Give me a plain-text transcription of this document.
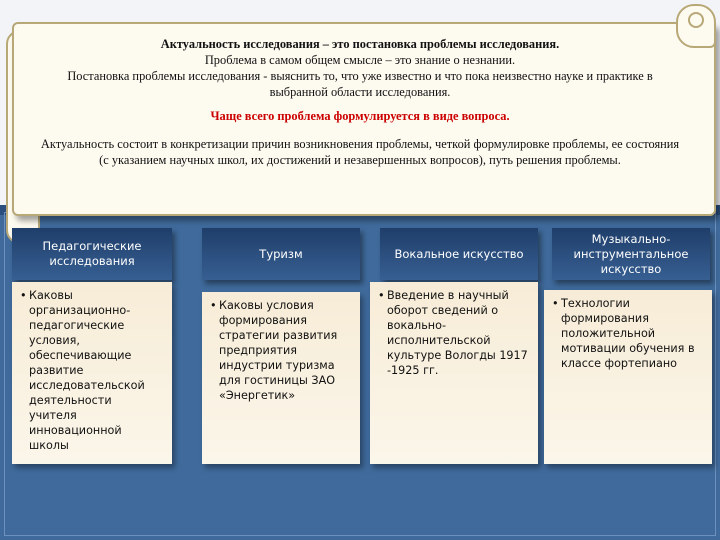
Актуальность исследования – это постановка проблемы исследования.

Проблема в самом общем смысле – это знание о незнании.

Постановка проблемы исследования - выяснить то, что уже известно и что пока неизвестно науке и практике в выбранной области исследования.

Чаще всего проблема формулируется в виде вопроса.

Актуальность состоит в конкретизации причин возникновения проблемы, четкой формулировке проблемы, ее состояния (с указанием научных школ, их достижений и незавершенных вопросов), путь решения проблемы.

Педагогические исследования
• Каковы организационно-педагогические условия, обеспечивающие развитие исследовательской деятельности учителя инновационной школы
Туризм
• Каковы условия формирования стратегии развития предприятия индустрии туризма для гостиницы ЗАО «Энергетик»
Вокальное искусство
• Введение в научный оборот сведений о вокально-исполнительской культуре Вологды 1917 -1925 гг.
Музыкально-инструментальное искусство
• Технологии формирования положительной мотивации обучения в классе фортепиано
